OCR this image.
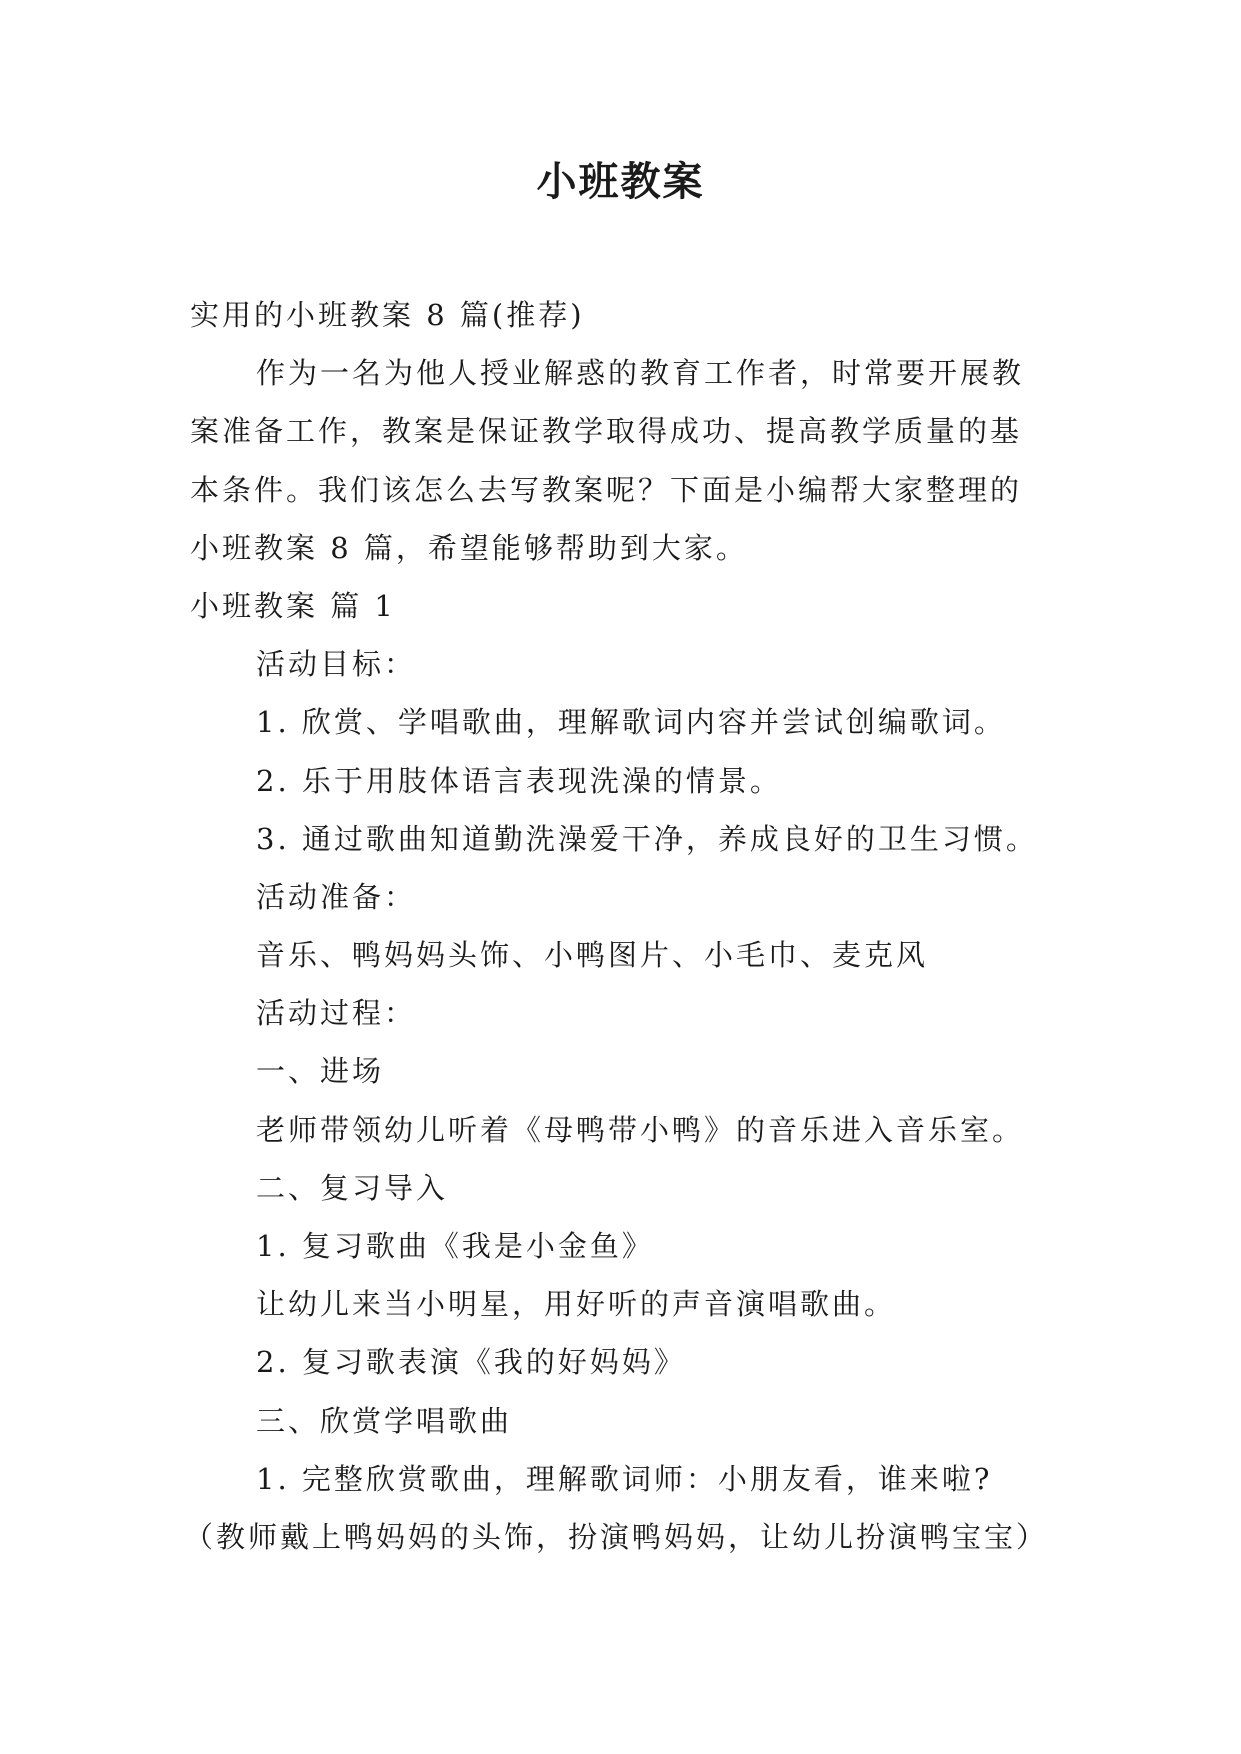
小班教案
实用的小班教案 8 篇(推荐)
作为一名为他人授业解惑的教育工作者，时常要开展教
案准备工作，教案是保证教学取得成功、提高教学质量的基
本条件。我们该怎么去写教案呢？下面是小编帮大家整理的
小班教案 8 篇，希望能够帮助到大家。
小班教案 篇 1
活动目标：
1. 欣赏、学唱歌曲，理解歌词内容并尝试创编歌词。
2. 乐于用肢体语言表现洗澡的情景。
3. 通过歌曲知道勤洗澡爱干净，养成良好的卫生习惯。
活动准备：
音乐、鸭妈妈头饰、小鸭图片、小毛巾、麦克风
活动过程：
一、进场
老师带领幼儿听着《母鸭带小鸭》的音乐进入音乐室。
二、复习导入
1. 复习歌曲《我是小金鱼》
让幼儿来当小明星，用好听的声音演唱歌曲。
2. 复习歌表演《我的好妈妈》
三、欣赏学唱歌曲
1. 完整欣赏歌曲，理解歌词师：小朋友看，谁来啦?
（教师戴上鸭妈妈的头饰，扮演鸭妈妈，让幼儿扮演鸭宝宝）
